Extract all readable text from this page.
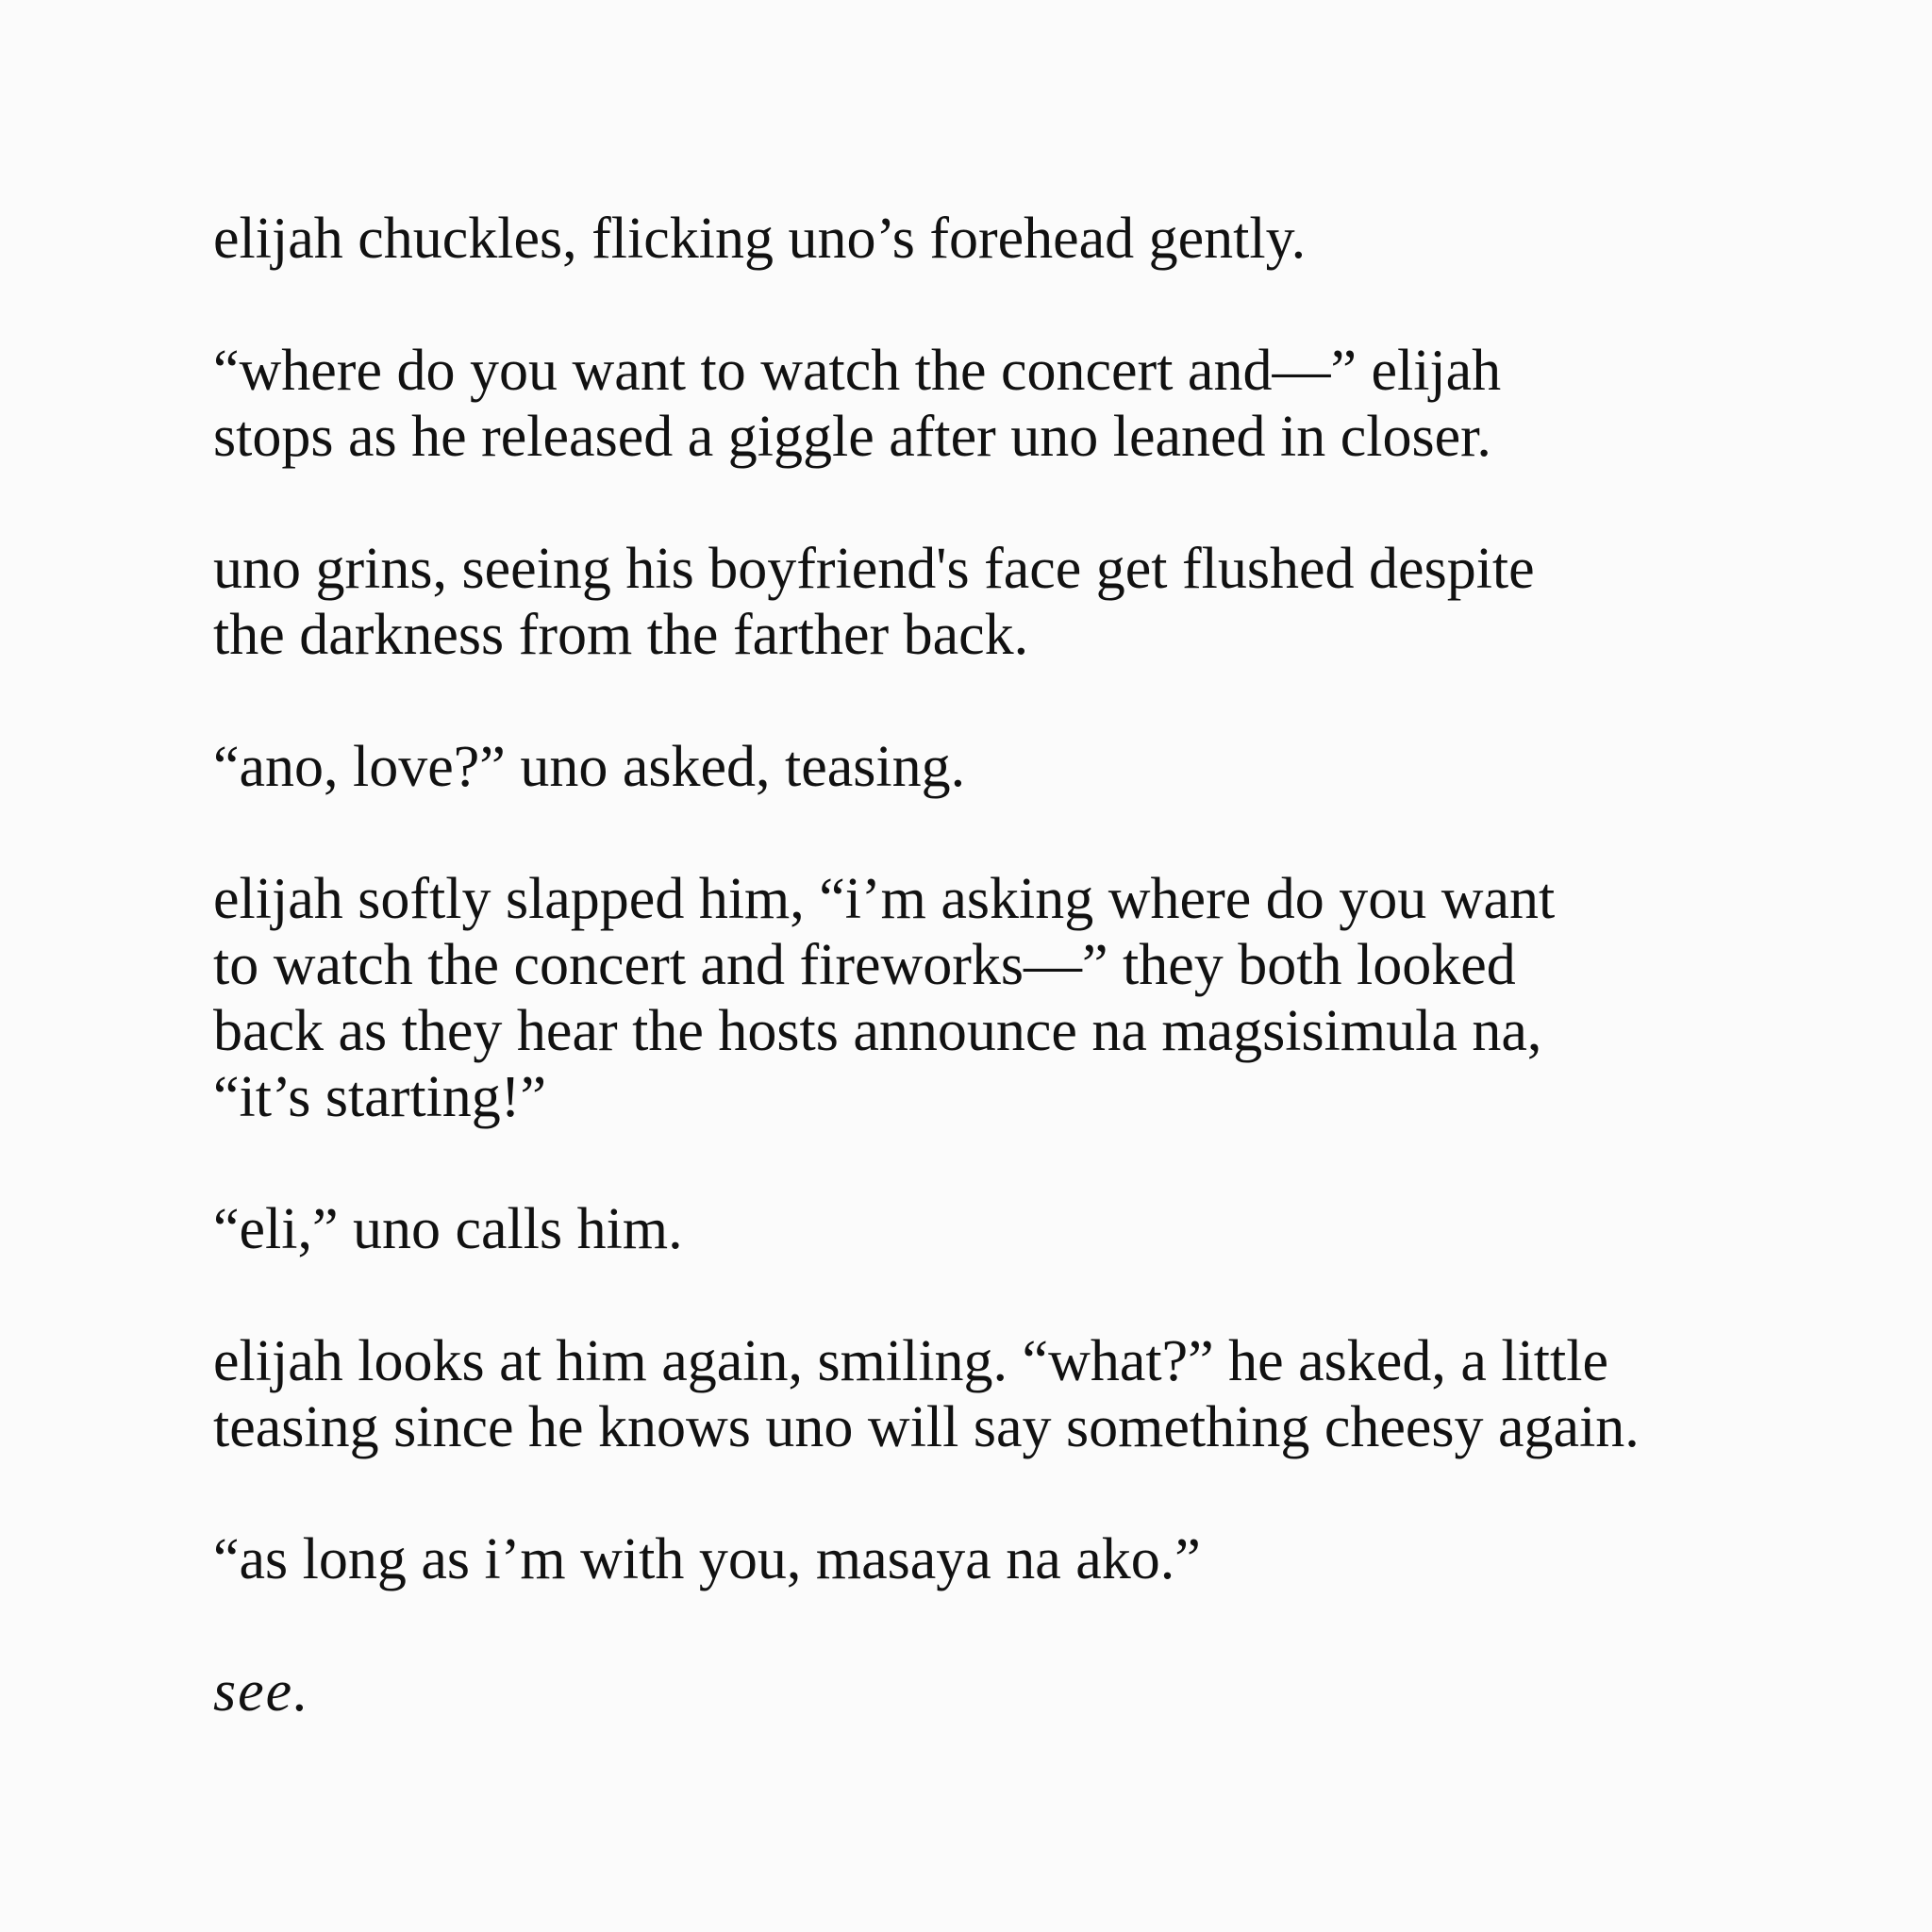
elijah chuckles, flicking uno’s forehead gently.

“where do you want to watch the concert and—” elijah
stops as he released a giggle after uno leaned in closer.

uno grins, seeing his boyfriend's face get flushed despite
the darkness from the farther back.

“ano, love?” uno asked, teasing.

elijah softly slapped him, “i’m asking where do you want
to watch the concert and fireworks—” they both looked
back as they hear the hosts announce na magsisimula na,
“it’s starting!”

“eli,” uno calls him.

elijah looks at him again, smiling. “what?” he asked, a little
teasing since he knows uno will say something cheesy again.

“as long as i’m with you, masaya na ako.”

see.
